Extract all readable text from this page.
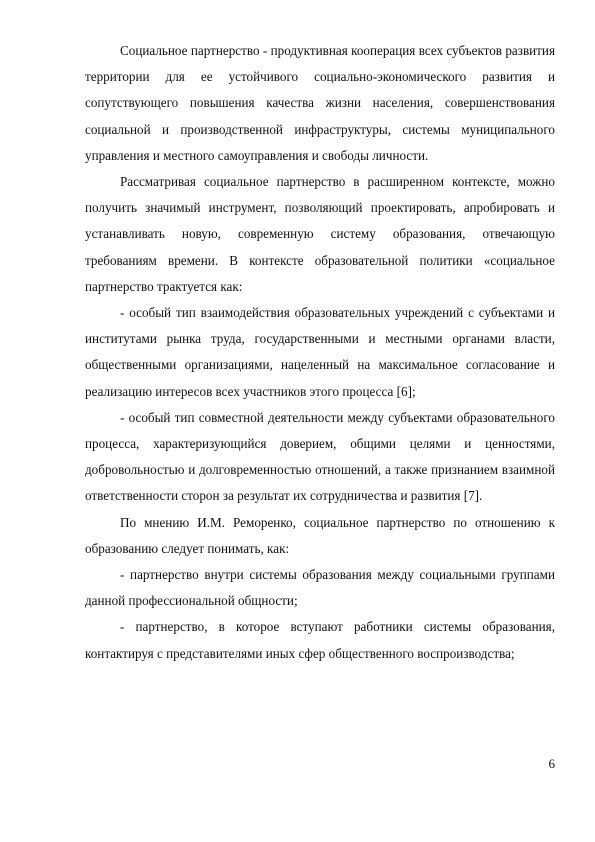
Социальное партнерство - продуктивная кооперация всех субъектов развития территории для ее устойчивого социально-экономического развития и сопутствующего повышения качества жизни населения, совершенствования социальной и производственной инфраструктуры, системы муниципального управления и местного самоуправления и свободы личности.

Рассматривая социальное партнерство в расширенном контексте, можно получить значимый инструмент, позволяющий проектировать, апробировать и устанавливать новую, современную систему образования, отвечающую требованиям времени. В контексте образовательной политики «социальное партнерство трактуется как:

- особый тип взаимодействия образовательных учреждений с субъектами и институтами рынка труда, государственными и местными органами власти, общественными организациями, нацеленный на максимальное согласование и реализацию интересов всех участников этого процесса [6];

- особый тип совместной деятельности между субъектами образовательного процесса, характеризующийся доверием, общими целями и ценностями, добровольностью и долговременностью отношений, а также признанием взаимной ответственности сторон за результат их сотрудничества и развития [7].

По мнению И.М. Реморенко, социальное партнерство по отношению к образованию следует понимать, как:

- партнерство внутри системы образования между социальными группами данной профессиональной общности;

- партнерство, в которое вступают работники системы образования, контактируя с представителями иных сфер общественного воспроизводства;

6
